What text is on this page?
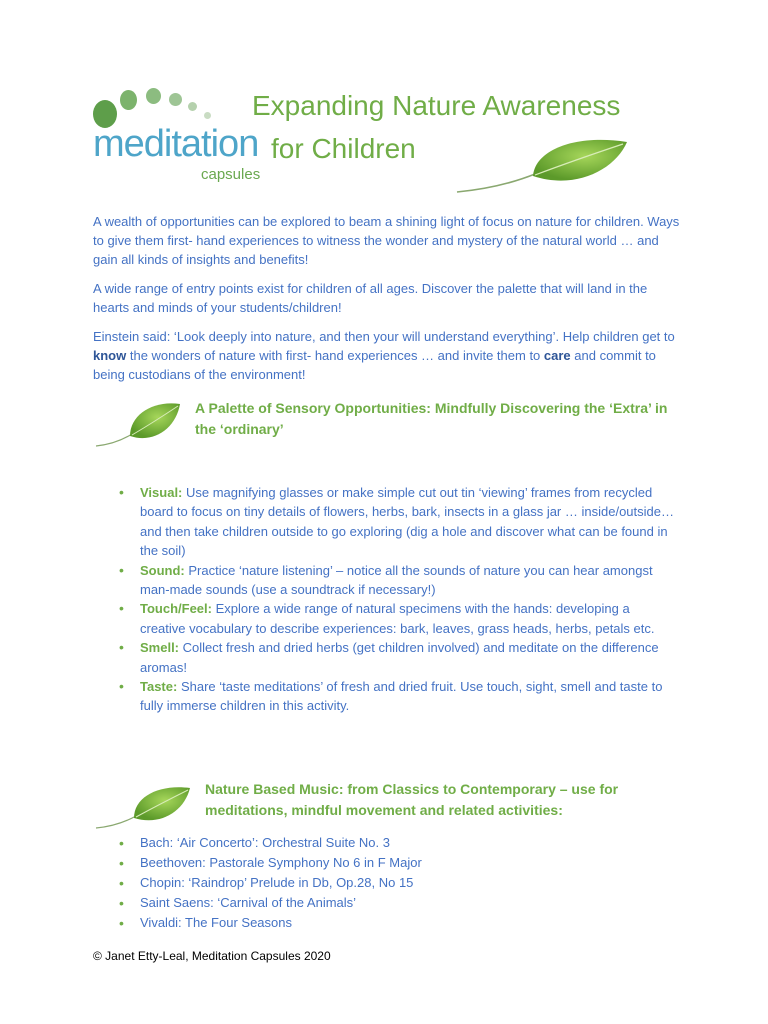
meditation
capsules
Expanding Nature Awareness
for Children

A wealth of opportunities can be explored to beam a shining light of focus on nature for children. Ways to give them first- hand experiences to witness the wonder and mystery of the natural world … and gain all kinds of insights and benefits!

A wide range of entry points exist for children of all ages. Discover the palette that will land in the hearts and minds of your students/children!

Einstein said: ‘Look deeply into nature, and then your will understand everything’. Help children get to know the wonders of nature with first- hand experiences … and invite them to care and commit to being custodians of the environment!

A Palette of Sensory Opportunities: Mindfully Discovering the ‘Extra’ in the ‘ordinary’

• Visual: Use magnifying glasses or make simple cut out tin ‘viewing’ frames from recycled board to focus on tiny details of flowers, herbs, bark, insects in a glass jar … inside/outside… and then take children outside to go exploring (dig a hole and discover what can be found in the soil)
• Sound: Practice ‘nature listening’ – notice all the sounds of nature you can hear amongst man-made sounds (use a soundtrack if necessary!)
• Touch/Feel: Explore a wide range of natural specimens with the hands: developing a creative vocabulary to describe experiences: bark, leaves, grass heads, herbs, petals etc.
• Smell: Collect fresh and dried herbs (get children involved) and meditate on the difference aromas!
• Taste: Share ‘taste meditations’ of fresh and dried fruit. Use touch, sight, smell and taste to fully immerse children in this activity.

Nature Based Music: from Classics to Contemporary – use for meditations, mindful movement and related activities:

• Bach: ‘Air Concerto’: Orchestral Suite No. 3
• Beethoven: Pastorale Symphony No 6 in F Major
• Chopin: ‘Raindrop’ Prelude in Db, Op.28, No 15
• Saint Saens: ‘Carnival of the Animals’
• Vivaldi: The Four Seasons
© Janet Etty-Leal, Meditation Capsules 2020
